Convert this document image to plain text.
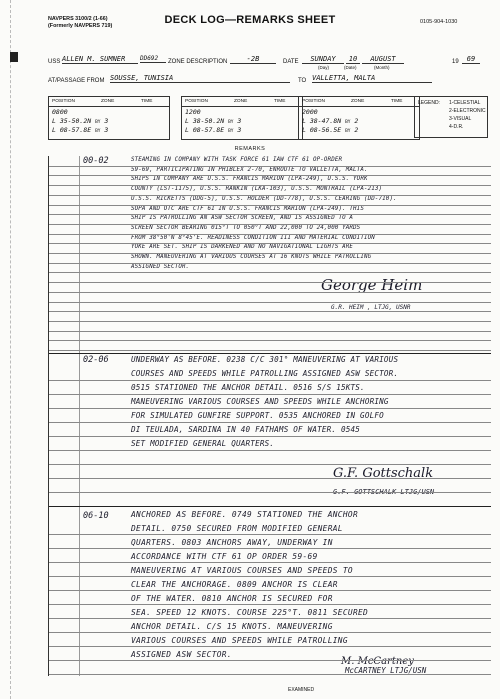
NAVPERS 3100/2 (1-66)
(Formerly NAVPERS 719)	DECK LOG—REMARKS SHEET	0105-904-1030
USS ALLEN M. SUMNER	DD692	ZONE DESCRIPTION	-2B	DATE	SUNDAY	10	AUGUST	19	69
(Day)	(Date)	(Month)
AT/PASSAGE FROM SOUSSE, TUNISIA	TO VALLETTA, MALTA
POSITION	ZONE	TIME
0800
L 35-50.2N BY 3
L 08-57.8E BY 3
POSITION	ZONE	TIME
1200
L 38-50.2N BY 3
L 08-57.8E BY 3
POSITION	ZONE	TIME
2000
L 38-47.8N BY 2
L 08-56.5E BY 2
LEGEND:	1-CELESTIAL
2-ELECTRONIC
3-VISUAL
4-D.R.
REMARKS
00-02	STEAMING IN COMPANY WITH TASK FORCE 61 IAW CTF 61 OP-ORDER
59-69, PARTICIPATING IN PHIBLEX 2-70, ENROUTE TO VALLETTA, MALTA.
SHIPS IN COMPANY ARE U.S.S. FRANCIS MARION (LPA-249), U.S.S. YORK
COUNTY (LST-1175), U.S.S. RANKIN (LKA-103), U.S.S. MONTRAIL (LPA-213)
U.S.S. RICKETTS (DDG-5), U.S.S. HOLDER (DD-778), U.S.S. CEARING (DD-710).
SOPA AND OTC ARE CTF 61 IN U.S.S. FRANCIS MARION (LPA-249). THIS
SHIP IS PATROLLING AN ASW SECTOR SCREEN, AND IS ASSIGNED TO A
SCREEN SECTOR BEARING 015°T TO 050°T AND 22,000 TO 24,000 YARDS
FROM 38°50'N 8°45'E. READINESS CONDITION III AND MATERIAL CONDITION
YOKE ARE SET. SHIP IS DARKENED AND NO NAVIGATIONAL LIGHTS ARE
SHOWN. MANEUVERING AT VARIOUS COURSES AT 16 KNOTS WHILE PATROLLING
ASSIGNED SECTOR.
George Heim
G.R. HEIM , LTJG, USNR
02-06	UNDERWAY AS BEFORE. 0238 C/C 301° MANEUVERING AT VARIOUS
COURSES AND SPEEDS WHILE PATROLLING ASSIGNED ASW SECTOR.
0515 STATIONED THE ANCHOR DETAIL. 0516 S/S 15KTS.
MANEUVERING VARIOUS COURSES AND SPEEDS WHILE ANCHORING
FOR SIMULATED GUNFIRE SUPPORT. 0535 ANCHORED IN GOLFO
DI TEULADA, SARDINA IN 40 FATHAMS OF WATER. 0545
SET MODIFIED GENERAL QUARTERS.
G.F. Gottschalk
G.F. GOTTSCHALK LTJG/USN
06-10	ANCHORED AS BEFORE. 0749 STATIONED THE ANCHOR
DETAIL. 0750 SECURED FROM MODIFIED GENERAL
QUARTERS. 0803 ANCHORS AWAY, UNDERWAY IN
ACCORDANCE WITH CTF 61 OP ORDER 59-69
MANEUVERING AT VARIOUS COURSES AND SPEEDS TO
CLEAR THE ANCHORAGE. 0809 ANCHOR IS CLEAR
OF THE WATER. 0810 ANCHOR IS SECURED FOR
SEA. SPEED 12 KNOTS. COURSE 225°T. 0811 SECURED
ANCHOR DETAIL. C/S 15 KNOTS. MANEUVERING
VARIOUS COURSES AND SPEEDS WHILE PATROLLING
ASSIGNED ASW SECTOR.
M. McCartney
McCARTNEY LTJG/USN
EXAMINED
